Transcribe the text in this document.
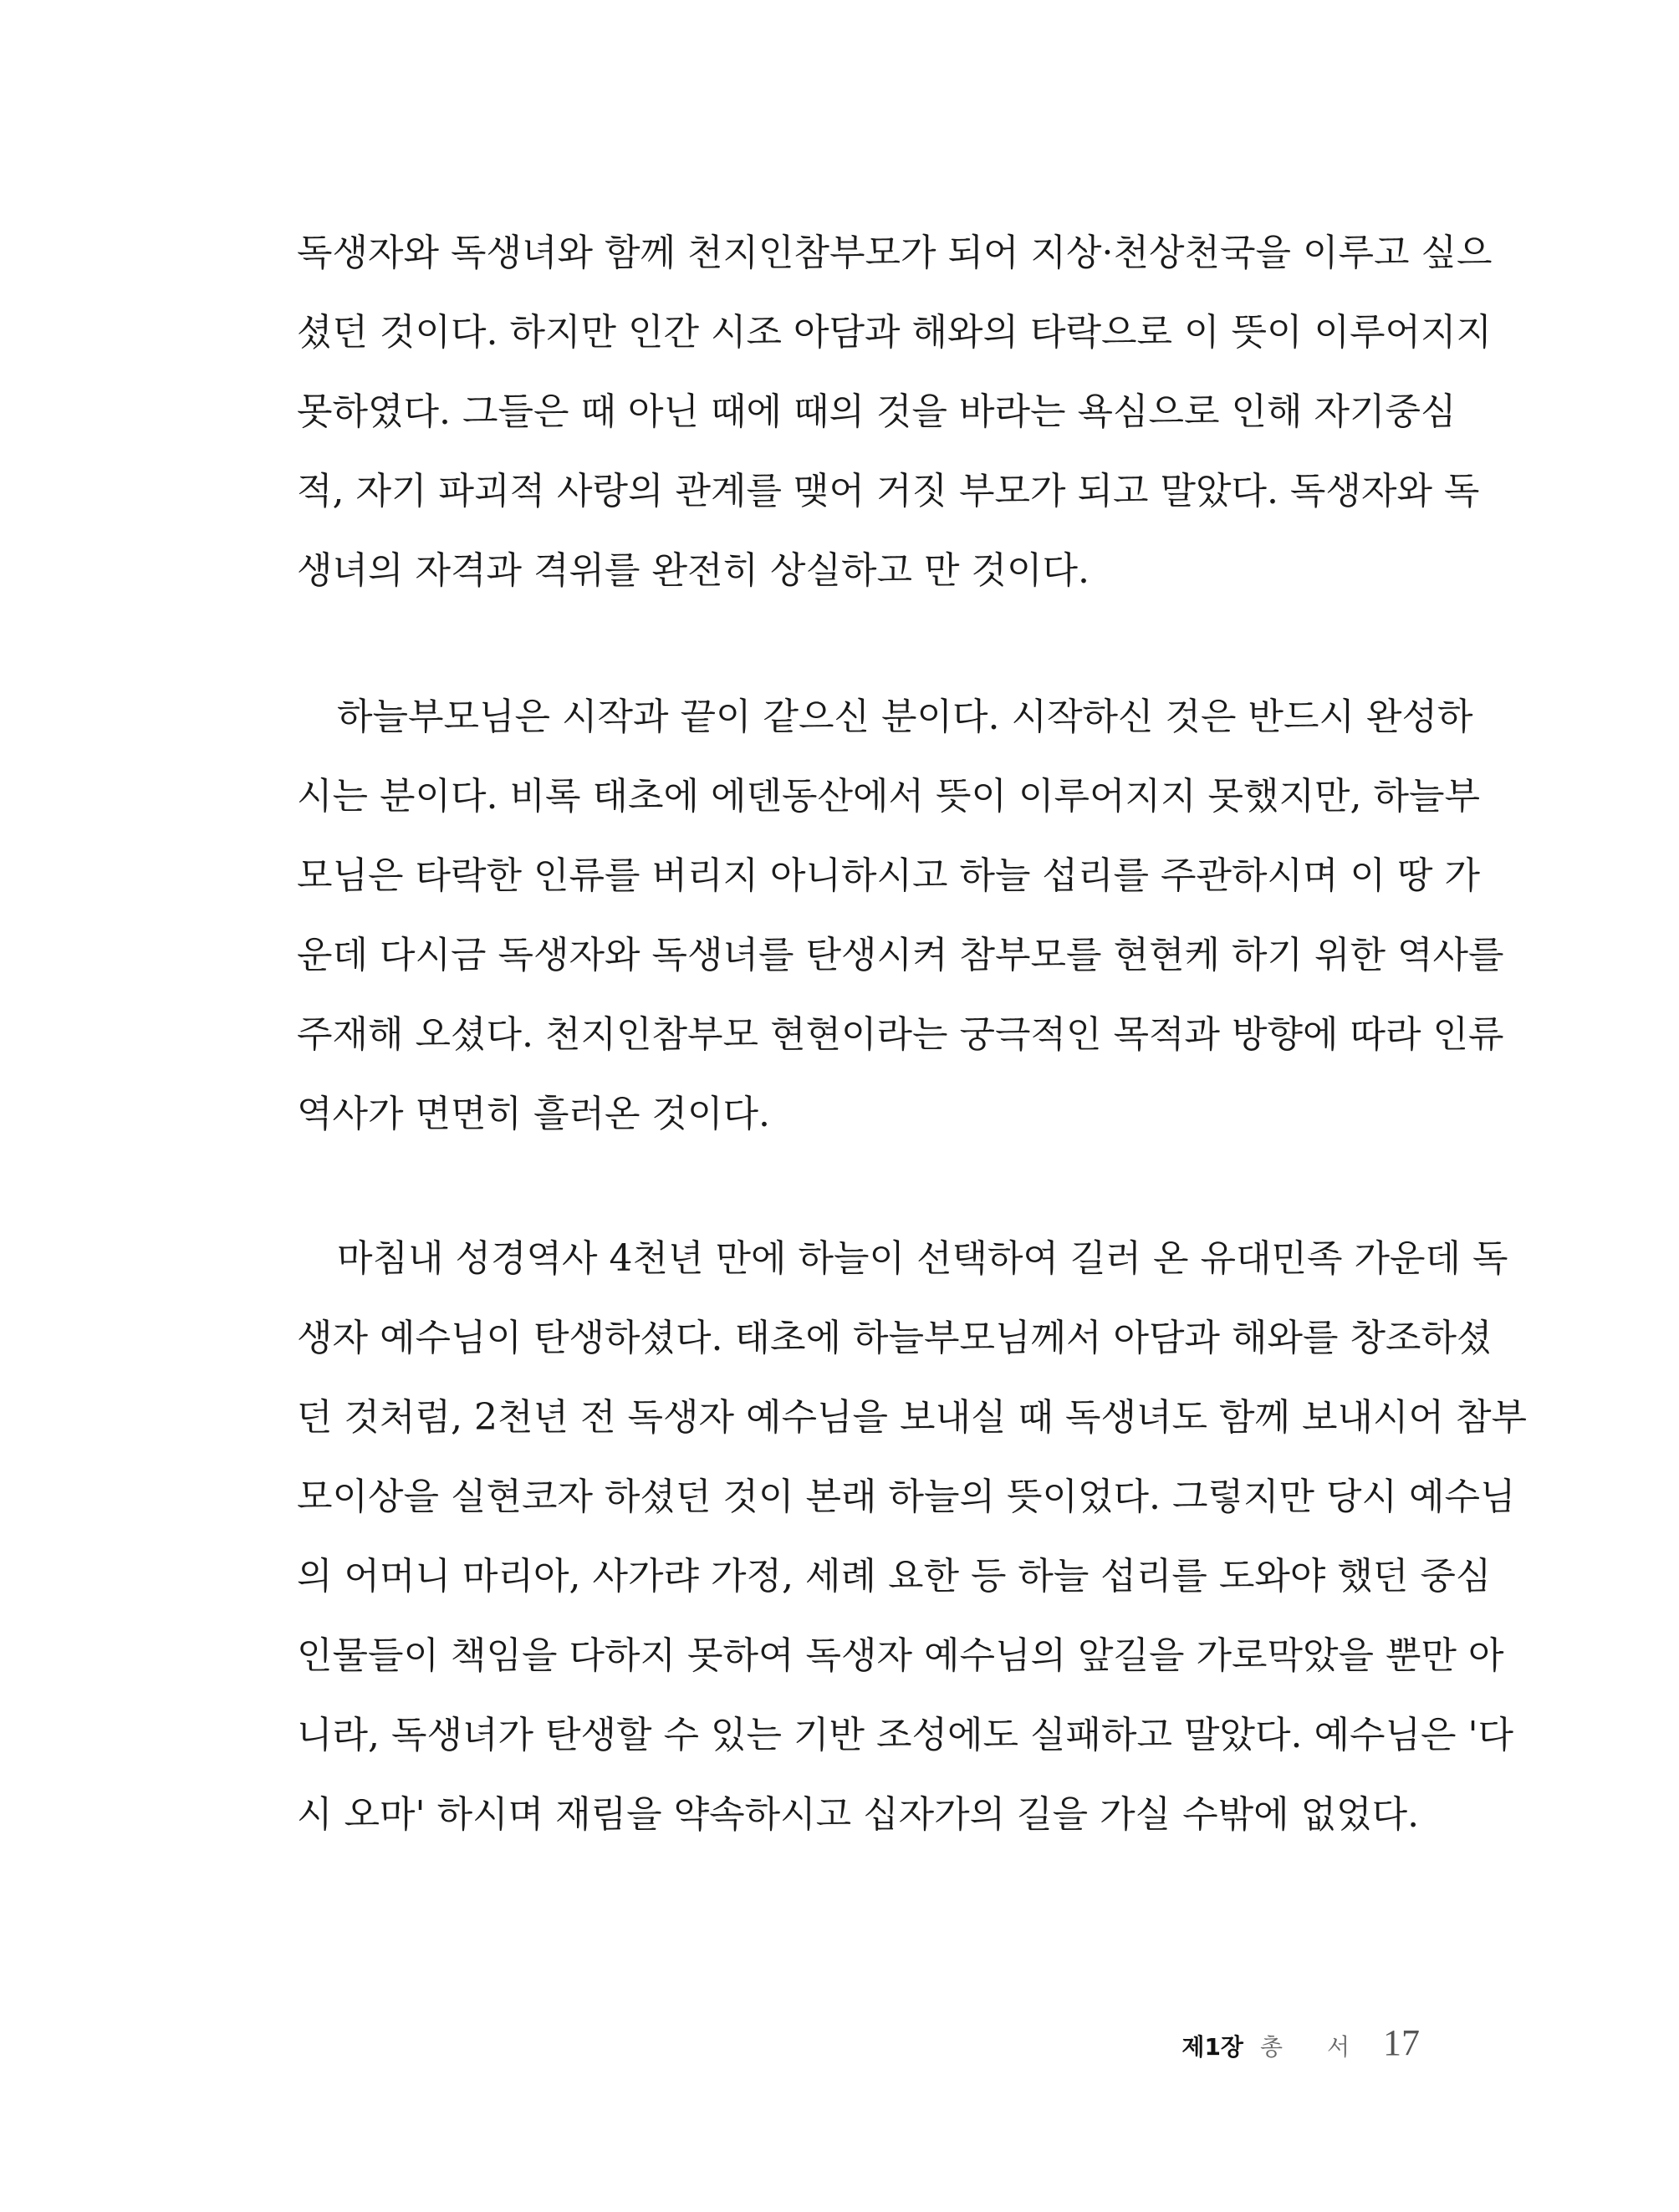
독생자와 독생녀와 함께 천지인참부모가 되어 지상·천상천국을 이루고 싶으
셨던 것이다. 하지만 인간 시조 아담과 해와의 타락으로 이 뜻이 이루어지지
못하였다. 그들은 때 아닌 때에 때의 것을 바라는 욕심으로 인해 자기중심
적, 자기 파괴적 사랑의 관계를 맺어 거짓 부모가 되고 말았다. 독생자와 독
생녀의 자격과 격위를 완전히 상실하고 만 것이다.
하늘부모님은 시작과 끝이 같으신 분이다. 시작하신 것은 반드시 완성하
시는 분이다. 비록 태초에 에덴동산에서 뜻이 이루어지지 못했지만, 하늘부
모님은 타락한 인류를 버리지 아니하시고 하늘 섭리를 주관하시며 이 땅 가
운데 다시금 독생자와 독생녀를 탄생시켜 참부모를 현현케 하기 위한 역사를
주재해 오셨다. 천지인참부모 현현이라는 궁극적인 목적과 방향에 따라 인류
역사가 면면히 흘러온 것이다.
마침내 성경역사 4천년 만에 하늘이 선택하여 길러 온 유대민족 가운데 독
생자 예수님이 탄생하셨다. 태초에 하늘부모님께서 아담과 해와를 창조하셨
던 것처럼, 2천년 전 독생자 예수님을 보내실 때 독생녀도 함께 보내시어 참부
모이상을 실현코자 하셨던 것이 본래 하늘의 뜻이었다. 그렇지만 당시 예수님
의 어머니 마리아, 사가랴 가정, 세례 요한 등 하늘 섭리를 도와야 했던 중심
인물들이 책임을 다하지 못하여 독생자 예수님의 앞길을 가로막았을 뿐만 아
니라, 독생녀가 탄생할 수 있는 기반 조성에도 실패하고 말았다. 예수님은 '다
시 오마' 하시며 재림을 약속하시고 십자가의 길을 가실 수밖에 없었다.
제1장 총 서 17
